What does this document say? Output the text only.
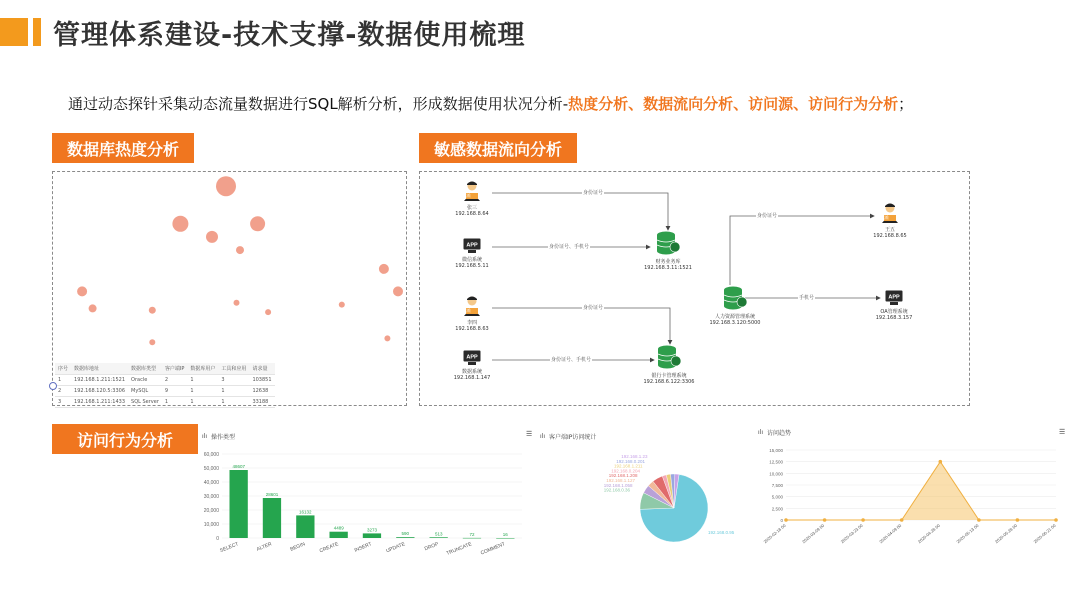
管理体系建设-技术支撑-数据使用梳理
通过动态探针采集动态流量数据进行SQL解析分析，形成数据使用状况分析-热度分析、数据流向分析、访问源、访问行为分析；
数据库热度分析	敏感数据流向分析
访问行为分析
序号	数据库地址	数据库类型	客户端IP	数据库用户	工具和应用	请求量
1	192.168.1.211:1521	Oracle	2	1	3	103851
2	192.168.120.5:3306	MySQL	9	1	1	12638
3	192.168.1.211:1433	SQL Server	1	1	1	33188
身份证号
身份证号、手机号
身份证号
身份证号、手机号
身份证号
手机号
运维
张三
192.168.8.64
APP
微信系统
192.168.5.11
运维
李四
192.168.8.63
APP
数据系统
192.168.1.147
财务业务库
192.168.3.11:1521
银行卡管理系统
192.168.6.122:3306
人力资源管理系统
192.168.3.120:5000
运维
王五
192.168.8.65
APP
OA管理系统
192.168.3.157
ılı 操作类型	☰
0
10,000
20,000
30,000
40,000
50,000
60,000
48607
SELECT
28601
ALTER
16132
BEGIN
4489
CREATE
3273
INSERT
590
UPDATE
513
DROP
72
TRUNCATE
16
COMMENT
ılı 客户端IP访问统计
192.168.0.95
192.168.0.36
192.168.1.058
192.168.1.127
192.168.1.208
192.168.0.204
192.168.1.211
192.168.0.201
192.168.1.23
ılı 访问趋势	☰
0
2,500
5,000
7,500
10,000
12,500
15,000
2020-02-18 00	2020-03-09 00	2020-03-23 00	2020-04-09 00	2020-04-28 00	2020-05-13 00	2020-05-28 00	2020-06-21 00
